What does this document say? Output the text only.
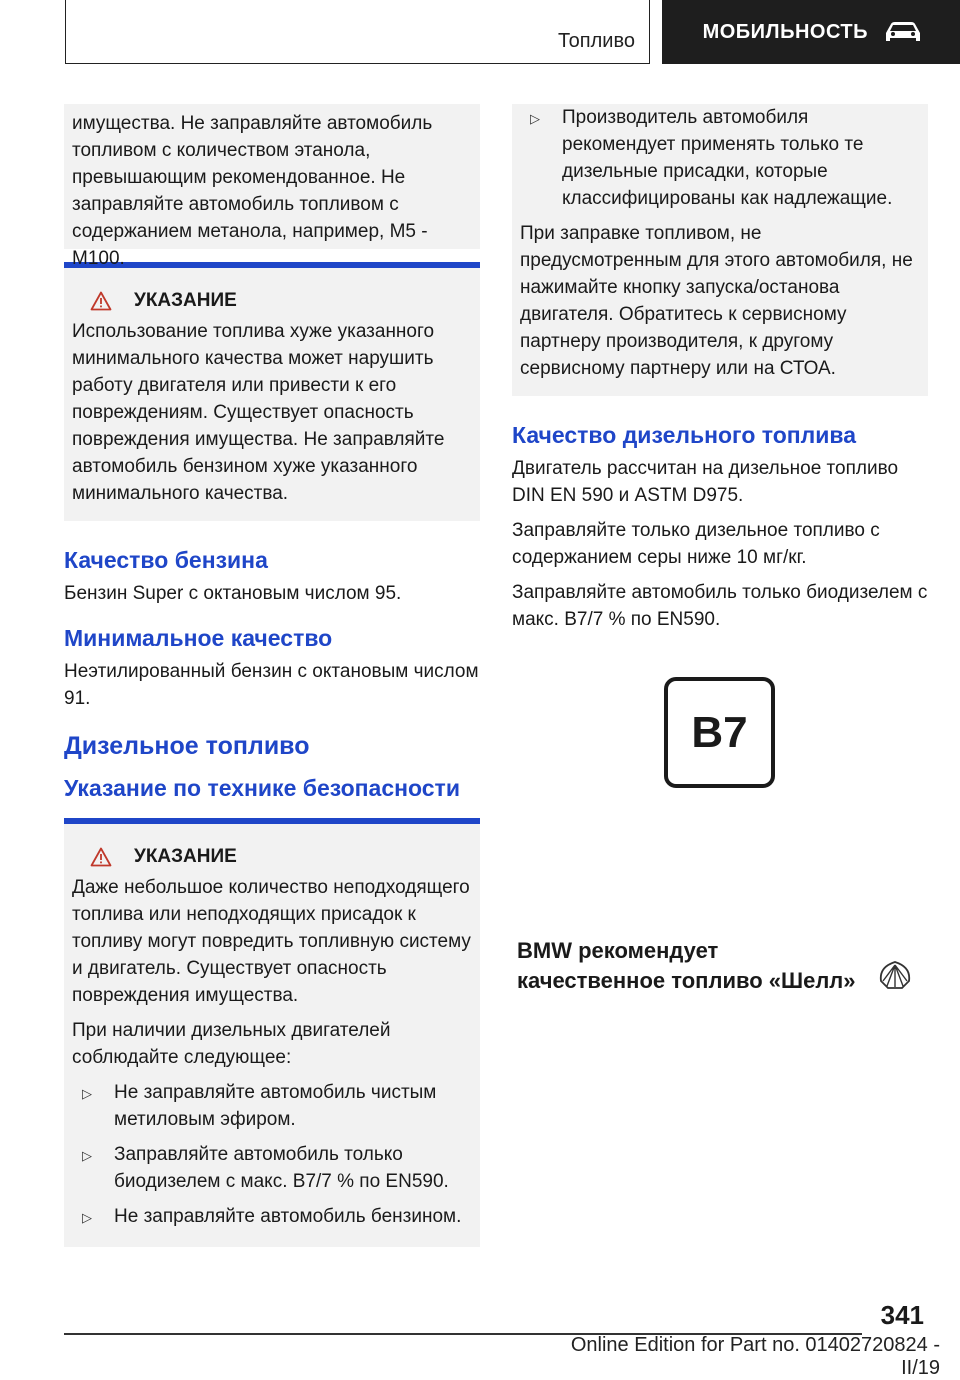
Топливо	МОБИЛЬНОСТЬ

имущества. Не заправляйте автомобиль топливом с количеством этанола, превышающим рекомендованное. Не заправляйте автомобиль топливом с содержанием метанола, например, M5 - M100.

УКАЗАНИЕ

Использование топлива хуже указанного минимального качества может нарушить работу двигателя или привести к его повреждениям. Существует опасность повреждения имущества. Не заправляйте автомобиль бензином хуже указанного минимального качества.

Качество бензина

Бензин Super с октановым числом 95.

Минимальное качество

Неэтилированный бензин с октановым числом 91.

Дизельное топливо
Указание по технике безопасности
УКАЗАНИЕ

Даже небольшое количество неподходящего топлива или неподходящих присадок к топливу могут повредить топливную систему и двигатель. Существует опасность повреждения имущества.

При наличии дизельных двигателей соблюдайте следующее:

▷	Не заправляйте автомобиль чистым метиловым эфиром.
▷	Заправляйте автомобиль только биодизелем с макс. B7/7 % по EN590.
▷	Не заправляйте автомобиль бензином.
▷	Производитель автомобиля рекомендует применять только те дизельные присадки, которые классифицированы как надлежащие.

При заправке топливом, не предусмотренным для этого автомобиля, не нажимайте кнопку запуска/останова двигателя. Обратитесь к сервисному партнеру производителя, к другому сервисному партнеру или на СТОА.

Качество дизельного топлива

Двигатель рассчитан на дизельное топливо DIN EN 590 и ASTM D975.

Заправляйте только дизельное топливо с содержанием серы ниже 10 мг/кг.

Заправляйте автомобиль только биодизелем с макс. B7/7 % по EN590.

B7
BMW рекомендует
качественное топливо «Шелл»
341
Online Edition for Part no. 01402720824 - II/19
